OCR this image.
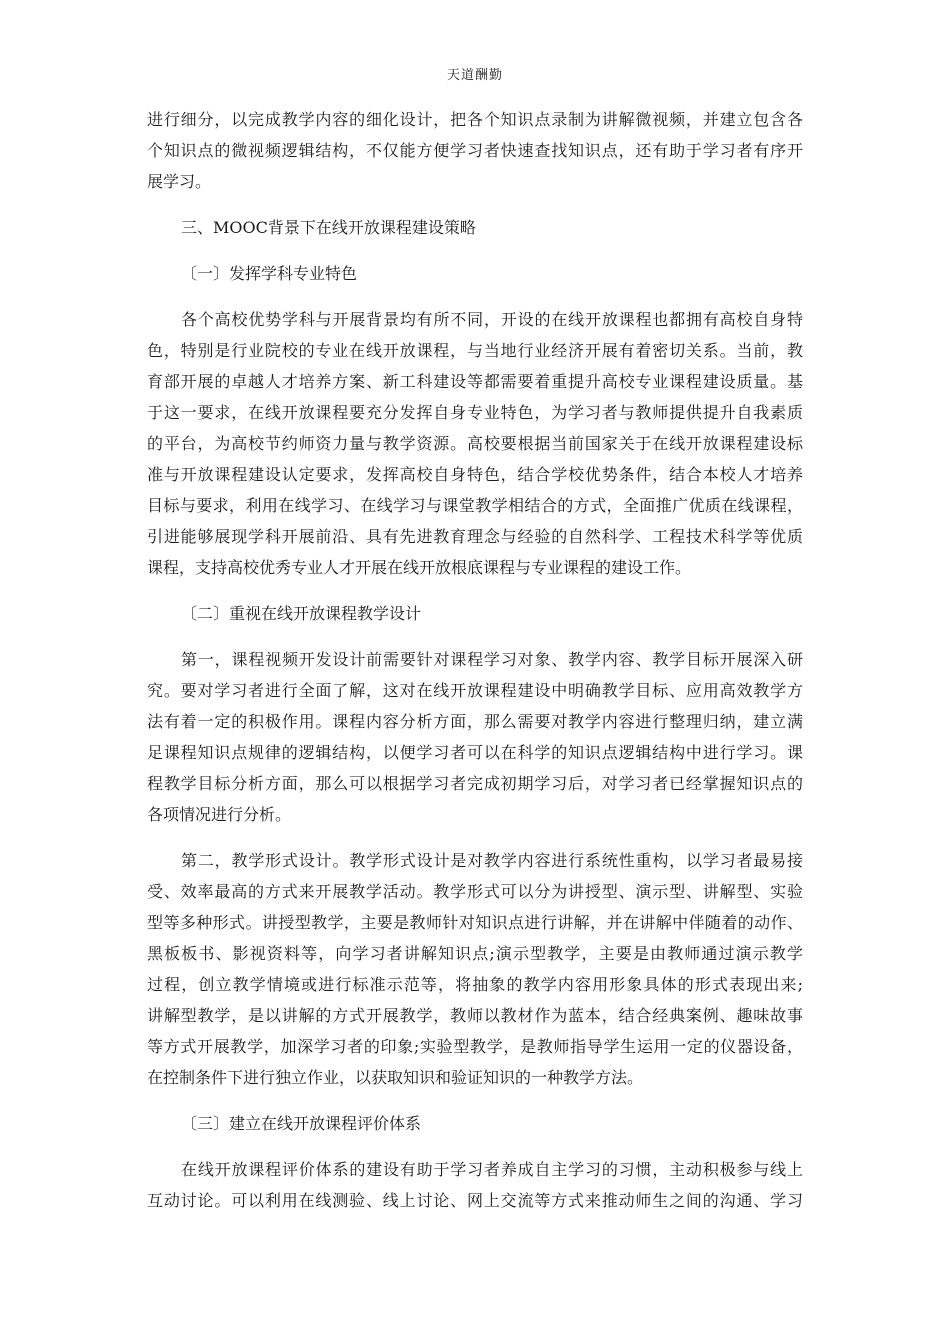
天道酬勤
进行细分，以完成教学内容的细化设计，把各个知识点录制为讲解微视频，并建立包含各
个知识点的微视频逻辑结构，不仅能方便学习者快速查找知识点，还有助于学习者有序开
展学习。
三、MOOC背景下在线开放课程建设策略
〔一〕发挥学科专业特色
各个高校优势学科与开展背景均有所不同，开设的在线开放课程也都拥有高校自身特
色，特别是行业院校的专业在线开放课程，与当地行业经济开展有着密切关系。当前，教
育部开展的卓越人才培养方案、新工科建设等都需要着重提升高校专业课程建设质量。基
于这一要求，在线开放课程要充分发挥自身专业特色，为学习者与教师提供提升自我素质
的平台，为高校节约师资力量与教学资源。高校要根据当前国家关于在线开放课程建设标
准与开放课程建设认定要求，发挥高校自身特色，结合学校优势条件，结合本校人才培养
目标与要求，利用在线学习、在线学习与课堂教学相结合的方式，全面推广优质在线课程，
引进能够展现学科开展前沿、具有先进教育理念与经验的自然科学、工程技术科学等优质
课程，支持高校优秀专业人才开展在线开放根底课程与专业课程的建设工作。
〔二〕重视在线开放课程教学设计
第一，课程视频开发设计前需要针对课程学习对象、教学内容、教学目标开展深入研
究。要对学习者进行全面了解，这对在线开放课程建设中明确教学目标、应用高效教学方
法有着一定的积极作用。课程内容分析方面，那么需要对教学内容进行整理归纳，建立满
足课程知识点规律的逻辑结构，以便学习者可以在科学的知识点逻辑结构中进行学习。课
程教学目标分析方面，那么可以根据学习者完成初期学习后，对学习者已经掌握知识点的
各项情况进行分析。
第二，教学形式设计。教学形式设计是对教学内容进行系统性重构，以学习者最易接
受、效率最高的方式来开展教学活动。教学形式可以分为讲授型、演示型、讲解型、实验
型等多种形式。讲授型教学，主要是教师针对知识点进行讲解，并在讲解中伴随着的动作、
黑板板书、影视资料等，向学习者讲解知识点;演示型教学，主要是由教师通过演示教学
过程，创立教学情境或进行标准示范等，将抽象的教学内容用形象具体的形式表现出来;
讲解型教学，是以讲解的方式开展教学，教师以教材作为蓝本，结合经典案例、趣味故事
等方式开展教学，加深学习者的印象;实验型教学，是教师指导学生运用一定的仪器设备，
在控制条件下进行独立作业，以获取知识和验证知识的一种教学方法。
〔三〕建立在线开放课程评价体系
在线开放课程评价体系的建设有助于学习者养成自主学习的习惯，主动积极参与线上
互动讨论。可以利用在线测验、线上讨论、网上交流等方式来推动师生之间的沟通、学习
